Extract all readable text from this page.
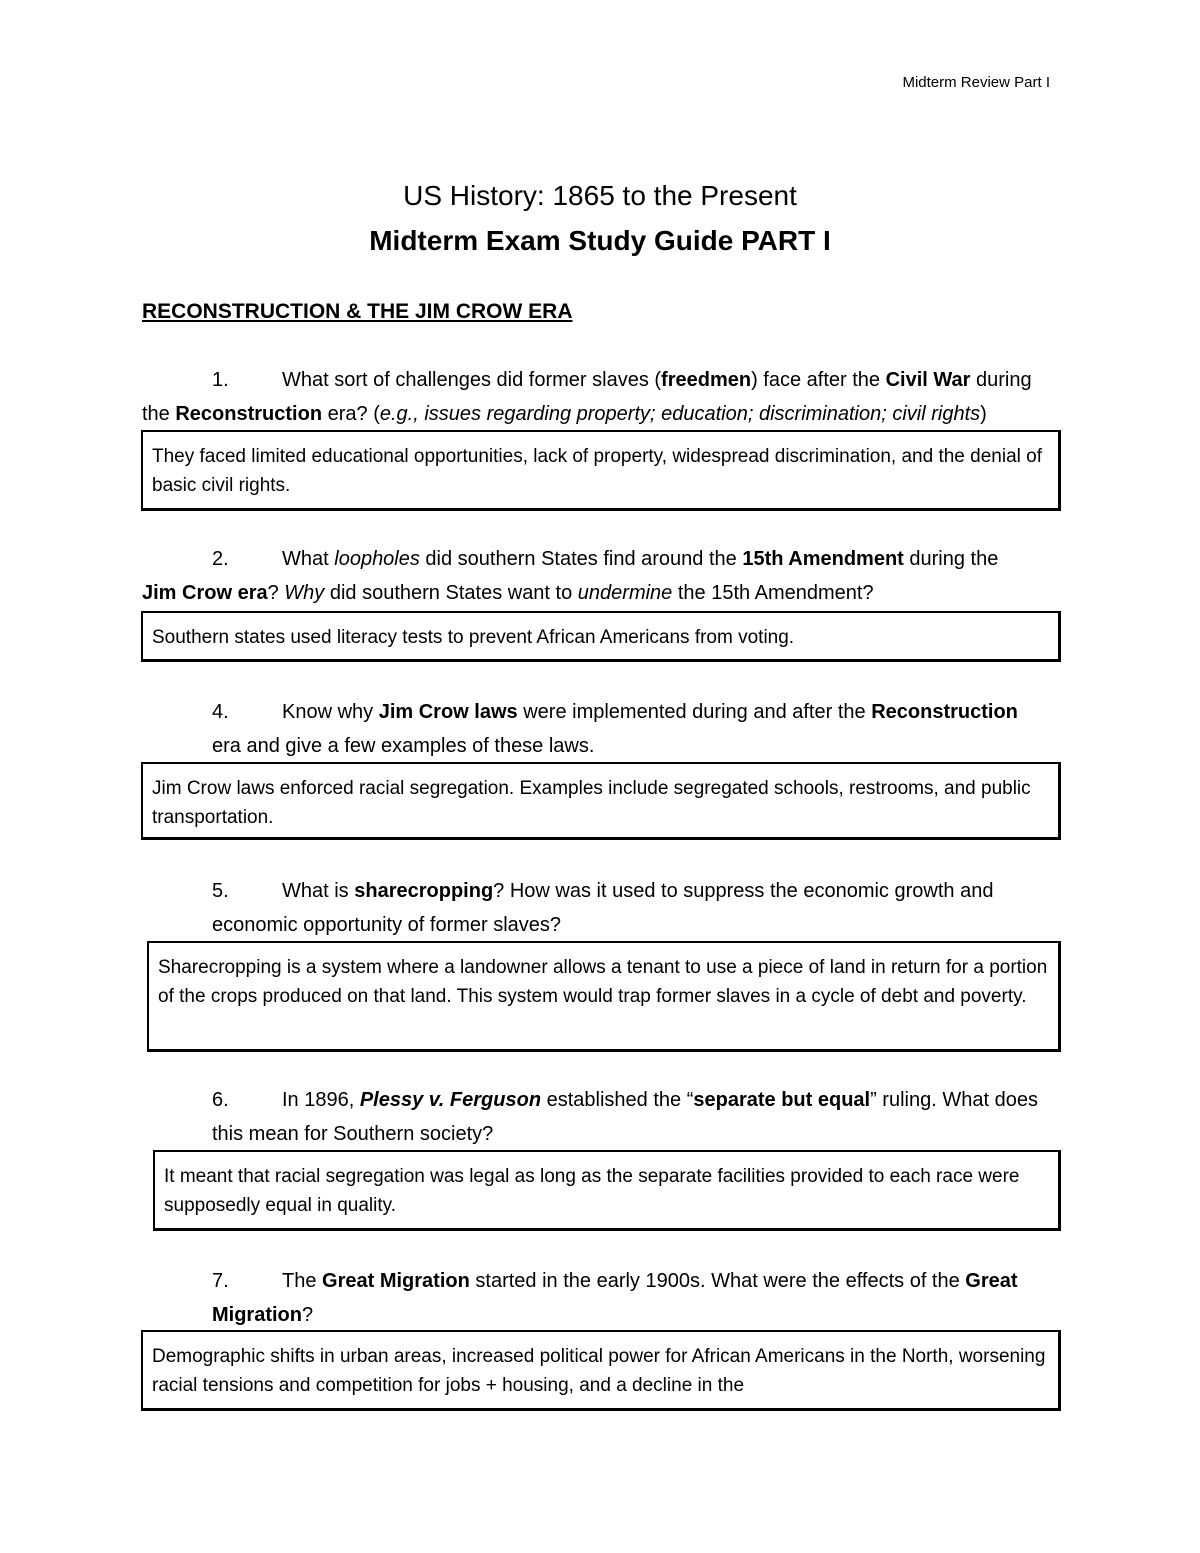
Midterm Review Part I
US History: 1865 to the Present
Midterm Exam Study Guide PART I
RECONSTRUCTION & THE JIM CROW ERA
1.	What sort of challenges did former slaves (freedmen) face after the Civil War during
the Reconstruction era? (e.g., issues regarding property; education; discrimination; civil rights)
They faced limited educational opportunities, lack of property, widespread discrimination, and the denial of basic civil rights.
2.	What loopholes did southern States find around the 15th Amendment during the
Jim Crow era? Why did southern States want to undermine the 15th Amendment?
Southern states used literacy tests to prevent African Americans from voting.
4.	Know why Jim Crow laws were implemented during and after the Reconstruction
era and give a few examples of these laws.
Jim Crow laws enforced racial segregation. Examples include segregated schools, restrooms, and public transportation.
5.	What is sharecropping? How was it used to suppress the economic growth and
economic opportunity of former slaves?
Sharecropping is a system where a landowner allows a tenant to use a piece of land in return for a portion of the crops produced on that land. This system would trap former slaves in a cycle of debt and poverty.
6.	In 1896, Plessy v. Ferguson established the “separate but equal” ruling. What does
this mean for Southern society?
It meant that racial segregation was legal as long as the separate facilities provided to each race were supposedly equal in quality.
7.	The Great Migration started in the early 1900s. What were the effects of the Great
Migration?
Demographic shifts in urban areas, increased political power for African Americans in the North, worsening racial tensions and competition for jobs + housing, and a decline in the
